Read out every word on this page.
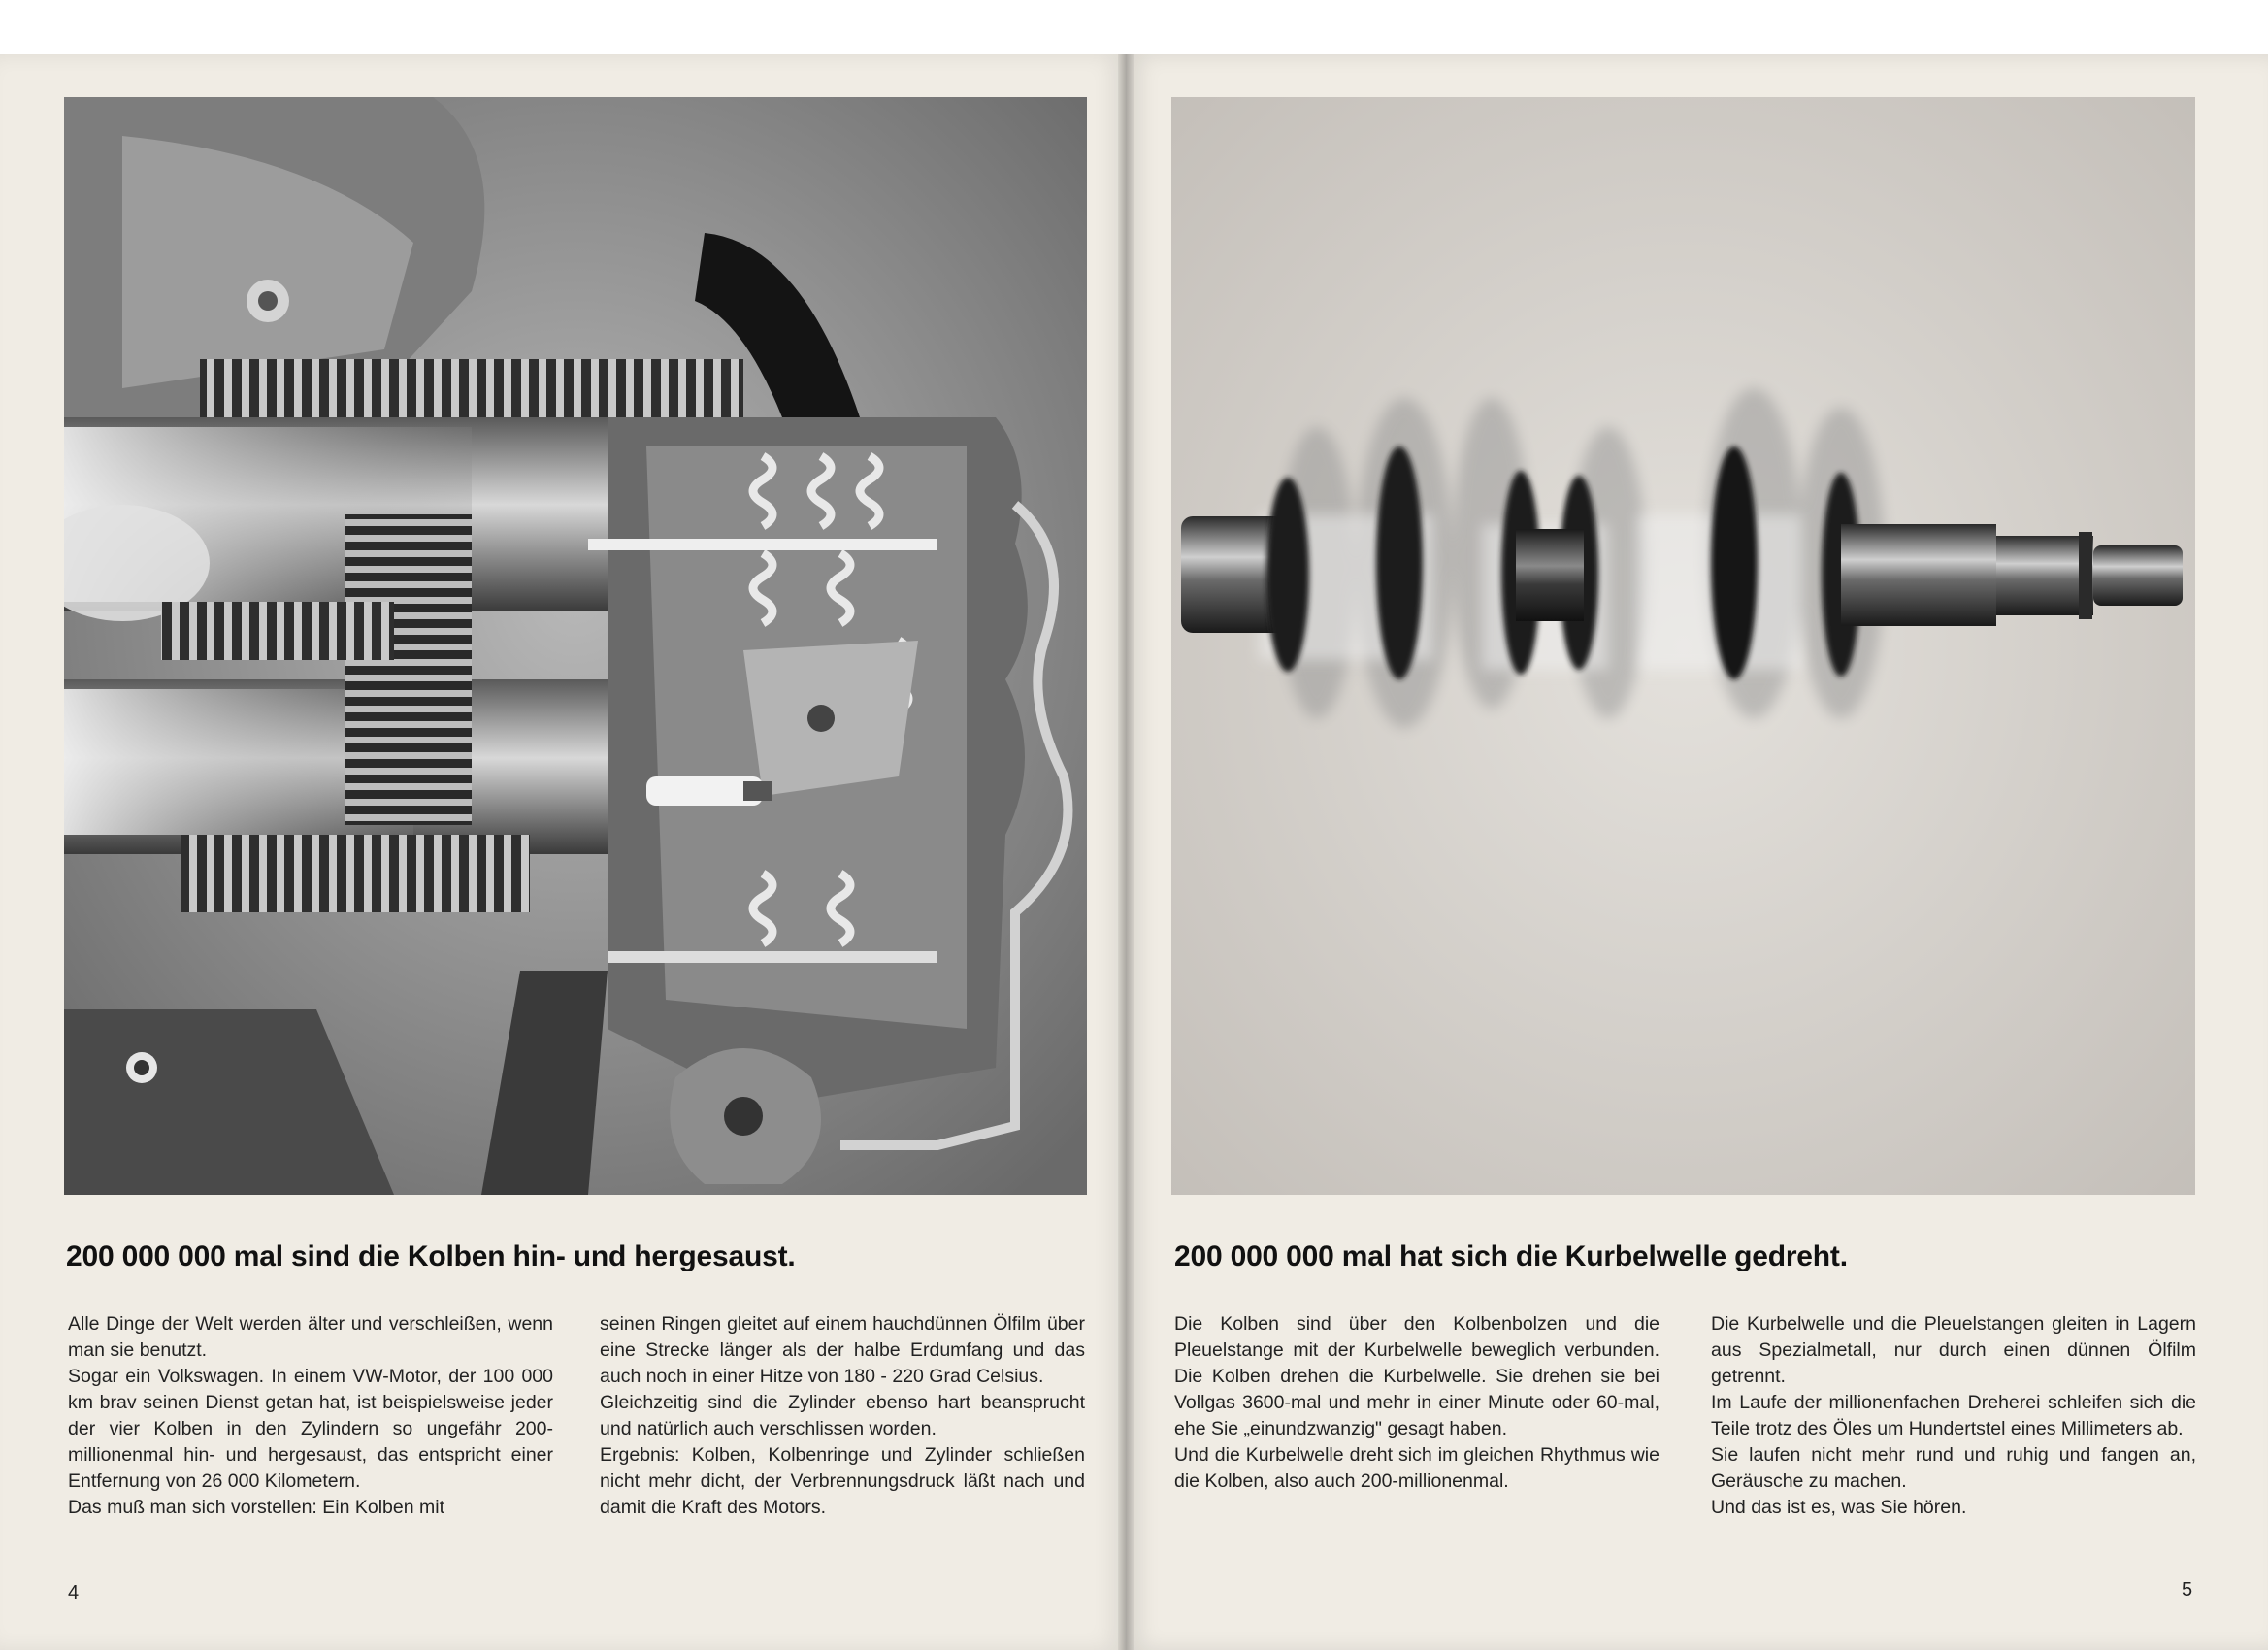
200 000 000 mal sind die Kolben hin- und hergesaust.

Alle Dinge der Welt werden älter und verschleißen, wenn man sie benutzt.

Sogar ein Volkswagen. In einem VW-Motor, der 100 000 km brav seinen Dienst getan hat, ist beispielsweise jeder der vier Kolben in den Zylindern so ungefähr 200-millionenmal hin- und hergesaust, das entspricht einer Entfernung von 26 000 Kilometern.

Das muß man sich vorstellen: Ein Kolben mit

seinen Ringen gleitet auf einem hauchdünnen Ölfilm über eine Strecke länger als der halbe Erdumfang und das auch noch in einer Hitze von 180 - 220 Grad Celsius.

Gleichzeitig sind die Zylinder ebenso hart beansprucht und natürlich auch verschlissen worden.

Ergebnis: Kolben, Kolbenringe und Zylinder schließen nicht mehr dicht, der Verbrennungsdruck läßt nach und damit die Kraft des Motors.

4
200 000 000 mal hat sich die Kurbelwelle gedreht.

Die Kolben sind über den Kolbenbolzen und die Pleuelstange mit der Kurbelwelle beweglich verbunden. Die Kolben drehen die Kurbelwelle. Sie drehen sie bei Vollgas 3600-mal und mehr in einer Minute oder 60-mal, ehe Sie „einundzwanzig" gesagt haben.

Und die Kurbelwelle dreht sich im gleichen Rhythmus wie die Kolben, also auch 200-millionenmal.

Die Kurbelwelle und die Pleuelstangen gleiten in Lagern aus Spezialmetall, nur durch einen dünnen Ölfilm getrennt.

Im Laufe der millionenfachen Dreherei schleifen sich die Teile trotz des Öles um Hundertstel eines Millimeters ab.

Sie laufen nicht mehr rund und ruhig und fangen an, Geräusche zu machen.

Und das ist es, was Sie hören.

5
